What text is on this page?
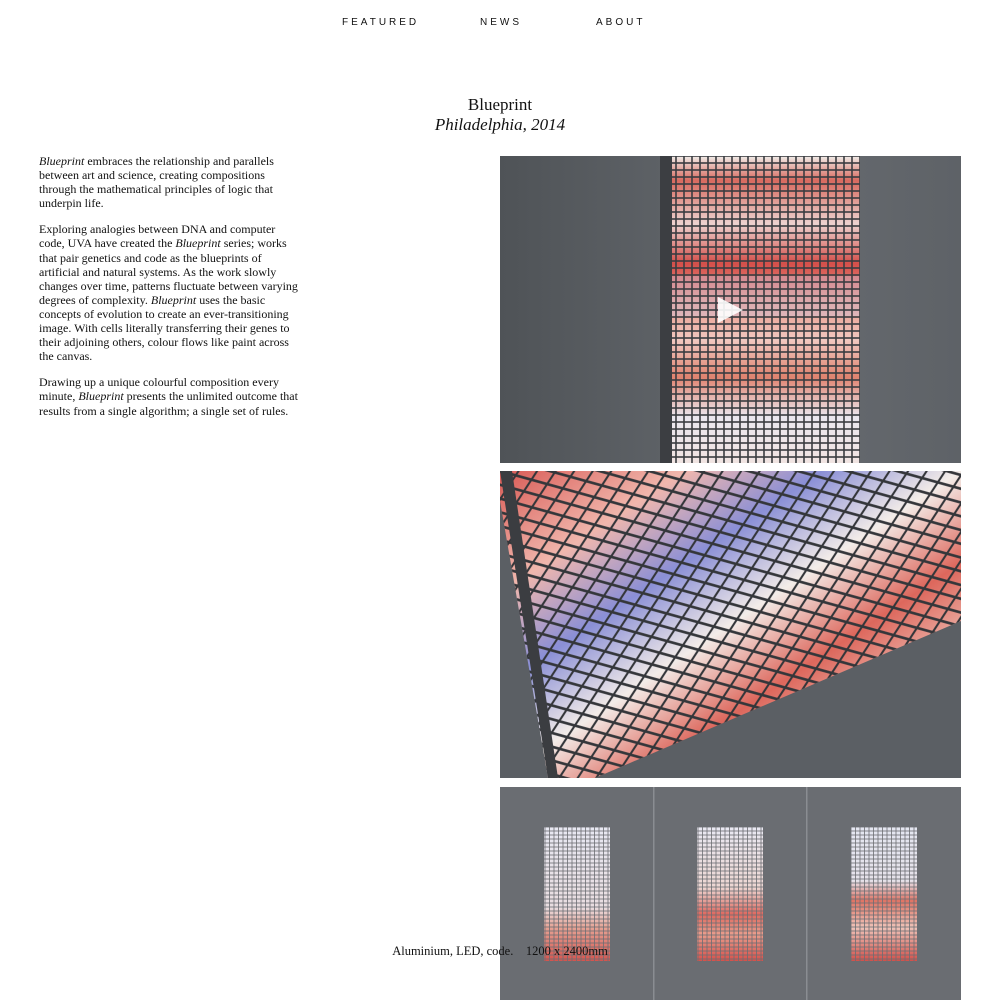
FEATURED	NEWS	ABOUT
Blueprint
Philadelphia, 2014

Blueprint embraces the relationship and parallels between art and science, creating compositions through the mathematical principles of logic that underpin life.

Exploring analogies between DNA and computer code, UVA have created the Blueprint series; works that pair genetics and code as the blueprints of artificial and natural systems. As the work slowly changes over time, patterns fluctuate between varying degrees of complexity. Blueprint uses the basic concepts of evolution to create an ever-transitioning image. With cells literally transferring their genes to their adjoining others, colour flows like paint across the canvas.

Drawing up a unique colourful composition every minute, Blueprint presents the unlimited outcome that results from a single algorithm; a single set of rules.

Aluminium, LED, code.    1200 x 2400mm
